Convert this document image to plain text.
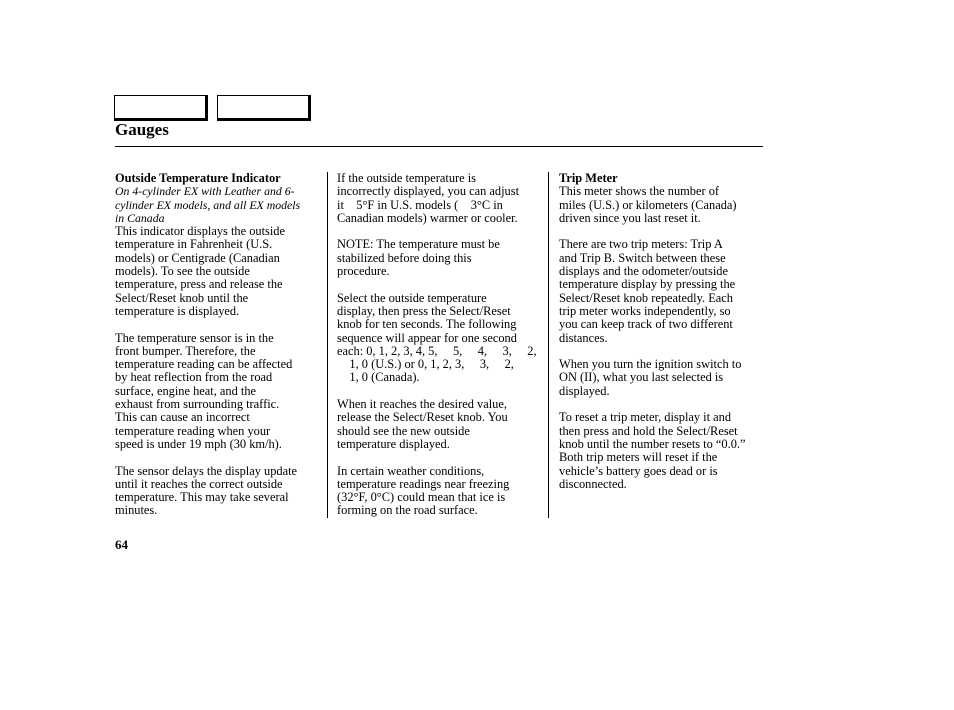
Gauges
Outside Temperature Indicator
On 4-cylinder EX with Leather and 6-
cylinder EX models, and all EX models
in Canada
This indicator displays the outside
temperature in Fahrenheit (U.S.
models) or Centigrade (Canadian
models). To see the outside
temperature, press and release the
Select/Reset knob until the
temperature is displayed.
The temperature sensor is in the
front bumper. Therefore, the
temperature reading can be affected
by heat reflection from the road
surface, engine heat, and the
exhaust from surrounding traffic.
This can cause an incorrect
temperature reading when your
speed is under 19 mph (30 km/h).
The sensor delays the display update
until it reaches the correct outside
temperature. This may take several
minutes.
If the outside temperature is
incorrectly displayed, you can adjust
it    5°F in U.S. models (    3°C in
Canadian models) warmer or cooler.
NOTE: The temperature must be
stabilized before doing this
procedure.
Select the outside temperature
display, then press the Select/Reset
knob for ten seconds. The following
sequence will appear for one second
each: 0, 1, 2, 3, 4, 5,     5,     4,     3,     2,
1, 0 (U.S.) or 0, 1, 2, 3,     3,     2,
1, 0 (Canada).
When it reaches the desired value,
release the Select/Reset knob. You
should see the new outside
temperature displayed.
In certain weather conditions,
temperature readings near freezing
(32°F, 0°C) could mean that ice is
forming on the road surface.
Trip Meter
This meter shows the number of
miles (U.S.) or kilometers (Canada)
driven since you last reset it.
There are two trip meters: Trip A
and Trip B. Switch between these
displays and the odometer/outside
temperature display by pressing the
Select/Reset knob repeatedly. Each
trip meter works independently, so
you can keep track of two different
distances.
When you turn the ignition switch to
ON (II), what you last selected is
displayed.
To reset a trip meter, display it and
then press and hold the Select/Reset
knob until the number resets to “0.0.”
Both trip meters will reset if the
vehicle’s battery goes dead or is
disconnected.
64
